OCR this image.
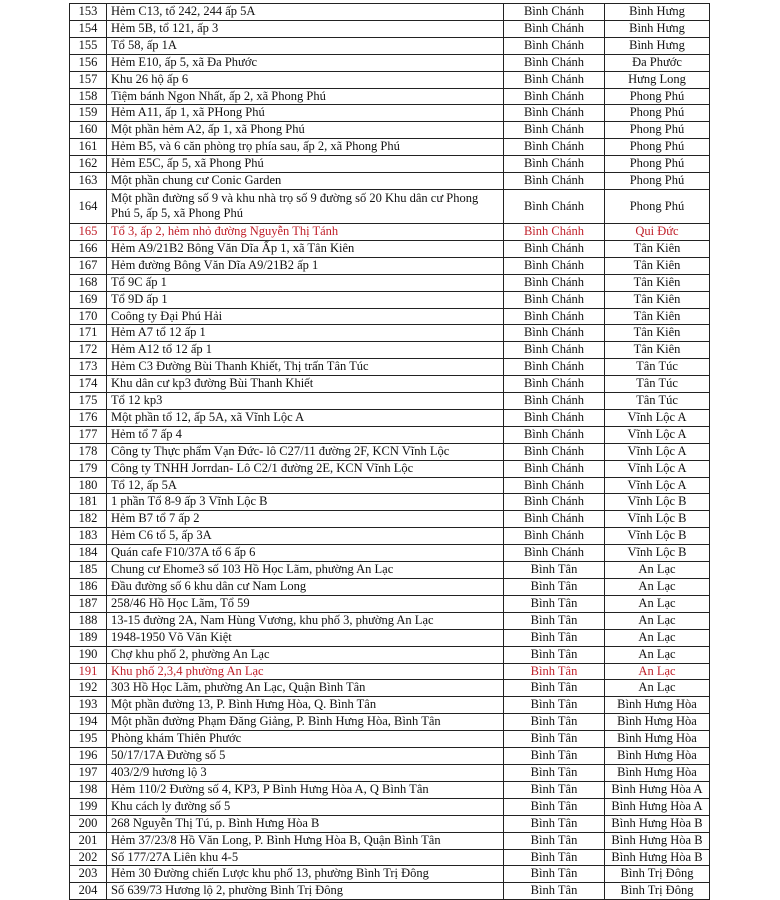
153	Hẻm C13, tổ 242, 244 ấp 5A	Bình Chánh	Bình Hưng
154	Hẻm 5B, tổ 121, ấp 3	Bình Chánh	Bình Hưng
155	Tổ 58, ấp 1A	Bình Chánh	Bình Hưng
156	Hẻm E10, ấp 5, xã Đa Phước	Bình Chánh	Đa Phước
157	Khu 26 hộ ấp 6	Bình Chánh	Hưng Long
158	Tiệm bánh Ngon Nhất, ấp 2, xã Phong Phú	Bình Chánh	Phong Phú
159	Hẻm A11, ấp 1, xã PHong Phú	Bình Chánh	Phong Phú
160	Một phần hẻm A2, ấp 1, xã Phong Phú	Bình Chánh	Phong Phú
161	Hẻm B5, và 6 căn phòng trọ phía sau, ấp 2, xã Phong Phú	Bình Chánh	Phong Phú
162	Hẻm E5C, ấp 5, xã Phong Phú	Bình Chánh	Phong Phú
163	Một phần chung cư Conic Garden	Bình Chánh	Phong Phú
164	Một phần đường số 9 và khu nhà trọ số 9 đường số 20 Khu dân cư Phong Phú 5, ấp 5, xã Phong Phú	Bình Chánh	Phong Phú
165	Tổ 3, ấp 2, hẻm nhỏ đường Nguyễn Thị Tánh	Bình Chánh	Qui Đức
166	Hẻm A9/21B2 Bông Văn Dĩa Ấp 1, xã Tân Kiên	Bình Chánh	Tân Kiên
167	Hẻm đường Bông Văn Dĩa A9/21B2 ấp 1	Bình Chánh	Tân Kiên
168	Tổ 9C ấp 1	Bình Chánh	Tân Kiên
169	Tổ 9D ấp 1	Bình Chánh	Tân Kiên
170	Coông ty Đại Phú Hải	Bình Chánh	Tân Kiên
171	Hẻm A7 tổ 12 ấp 1	Bình Chánh	Tân Kiên
172	Hẻm A12 tổ 12 ấp 1	Bình Chánh	Tân Kiên
173	Hẻm C3 Đường Bùi Thanh Khiết, Thị trấn Tân Túc	Bình Chánh	Tân Túc
174	Khu dân cư kp3 đường Bùi Thanh Khiết	Bình Chánh	Tân Túc
175	Tổ 12 kp3	Bình Chánh	Tân Túc
176	Một phần tổ 12, ấp 5A, xã Vĩnh Lộc A	Bình Chánh	Vĩnh Lộc A
177	Hẻm tổ 7 ấp 4	Bình Chánh	Vĩnh Lộc A
178	Công ty Thực phẩm Vạn Đức- lô C27/11 đường 2F, KCN Vĩnh Lộc	Bình Chánh	Vĩnh Lộc A
179	Công ty TNHH Jorrdan- Lô C2/1 đường 2E, KCN Vĩnh Lộc	Bình Chánh	Vĩnh Lộc A
180	Tổ 12, ấp 5A	Bình Chánh	Vĩnh Lộc A
181	1 phần Tổ 8-9 ấp 3 Vĩnh Lộc B	Bình Chánh	Vĩnh Lộc B
182	Hẻm B7 tổ 7 ấp 2	Bình Chánh	Vĩnh Lộc B
183	Hẻm C6 tổ 5, ấp 3A	Bình Chánh	Vĩnh Lộc B
184	Quán cafe F10/37A tổ 6 ấp 6	Bình Chánh	Vĩnh Lộc B
185	Chung cư Ehome3 số 103 Hồ Học Lãm, phường An Lạc	Bình Tân	An Lạc
186	Đầu đường số 6 khu dân cư Nam Long	Bình Tân	An Lạc
187	258/46 Hồ Học Lãm, Tổ 59	Bình Tân	An Lạc
188	13-15 đường 2A, Nam Hùng Vương, khu phố 3, phường An Lạc	Bình Tân	An Lạc
189	1948-1950 Võ Văn Kiệt	Bình Tân	An Lạc
190	Chợ khu phố 2, phường An Lạc	Bình Tân	An Lạc
191	Khu phố 2,3,4 phường An Lạc	Bình Tân	An Lạc
192	303 Hồ Học Lãm, phường An Lạc, Quận Bình Tân	Bình Tân	An Lạc
193	Một phần đường 13, P. Bình Hưng Hòa, Q. Bình Tân	Bình Tân	Bình Hưng Hòa
194	Một phần đường Phạm Đăng Giảng, P. Bình Hưng Hòa, Bình Tân	Bình Tân	Bình Hưng Hòa
195	Phòng khám Thiên Phước	Bình Tân	Bình Hưng Hòa
196	50/17/17A Đường số 5	Bình Tân	Bình Hưng Hòa
197	403/2/9 hương lộ 3	Bình Tân	Bình Hưng Hòa
198	Hẻm 110/2 Đường số 4, KP3, P Bình Hưng Hòa A, Q Bình Tân	Bình Tân	Bình Hưng Hòa A
199	Khu cách ly đường số 5	Bình Tân	Bình Hưng Hòa A
200	268 Nguyễn Thị Tú, p. Bình Hưng Hòa B	Bình Tân	Bình Hưng Hòa B
201	Hẻm 37/23/8 Hồ Văn Long, P. Bình Hưng Hòa B, Quận Bình Tân	Bình Tân	Bình Hưng Hòa B
202	Số 177/27A Liên khu 4-5	Bình Tân	Bình Hưng Hòa B
203	Hẻm 30 Đường chiến Lược khu phố 13, phường Bình Trị Đông	Bình Tân	Bình Trị Đông
204	Số 639/73 Hương lộ 2, phường Bình Trị Đông	Bình Tân	Bình Trị Đông
